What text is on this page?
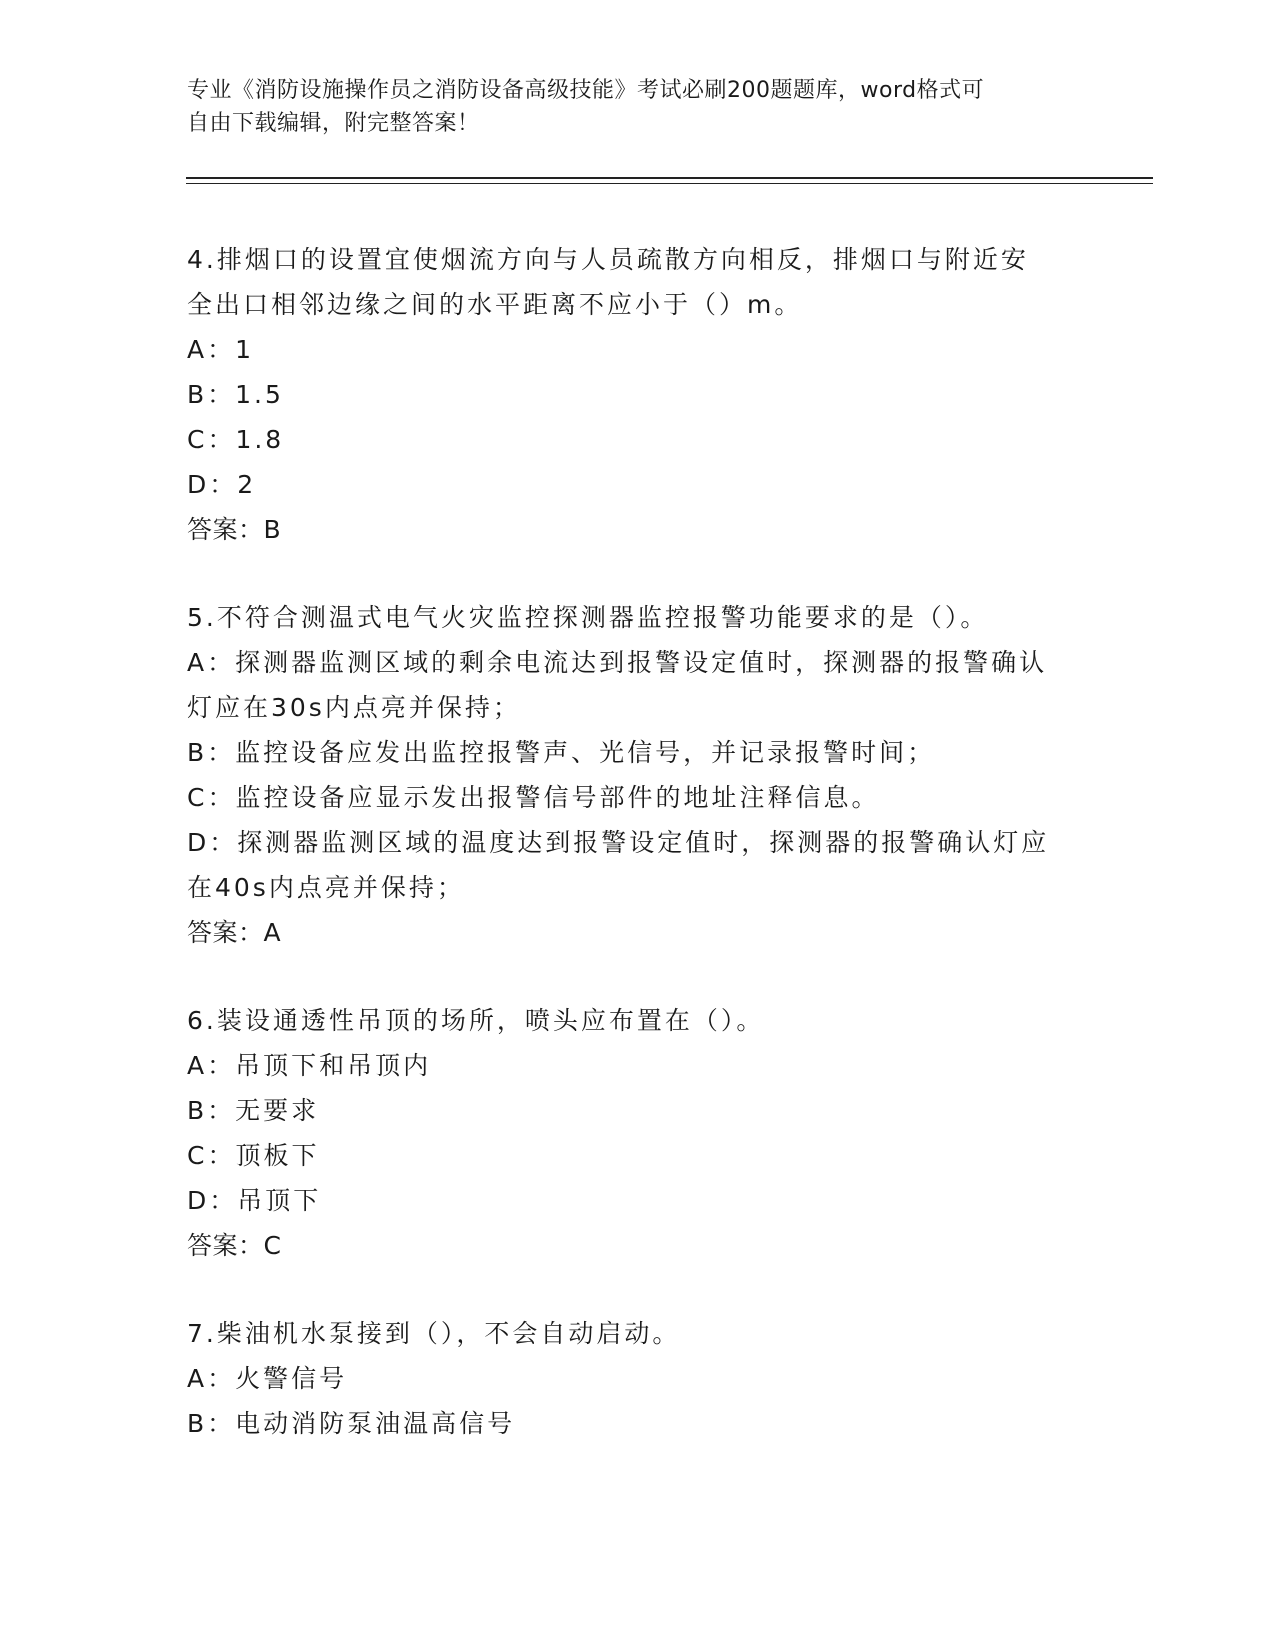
专业《消防设施操作员之消防设备高级技能》考试必刷200题题库，word格式可
自由下载编辑，附完整答案！
4.排烟口的设置宜使烟流方向与人员疏散方向相反，排烟口与附近安
全出口相邻边缘之间的水平距离不应小于（）m。
A：1
B：1.5
C：1.8
D：2
答案：B
5.不符合测温式电气火灾监控探测器监控报警功能要求的是（）。
A：探测器监测区域的剩余电流达到报警设定值时，探测器的报警确认
灯应在30s内点亮并保持；
B：监控设备应发出监控报警声、光信号，并记录报警时间；
C：监控设备应显示发出报警信号部件的地址注释信息。
D：探测器监测区域的温度达到报警设定值时，探测器的报警确认灯应
在40s内点亮并保持；
答案：A
6.装设通透性吊顶的场所，喷头应布置在（）。
A：吊顶下和吊顶内
B：无要求
C：顶板下
D：吊顶下
答案：C
7.柴油机水泵接到（），不会自动启动。
A：火警信号
B：电动消防泵油温高信号
